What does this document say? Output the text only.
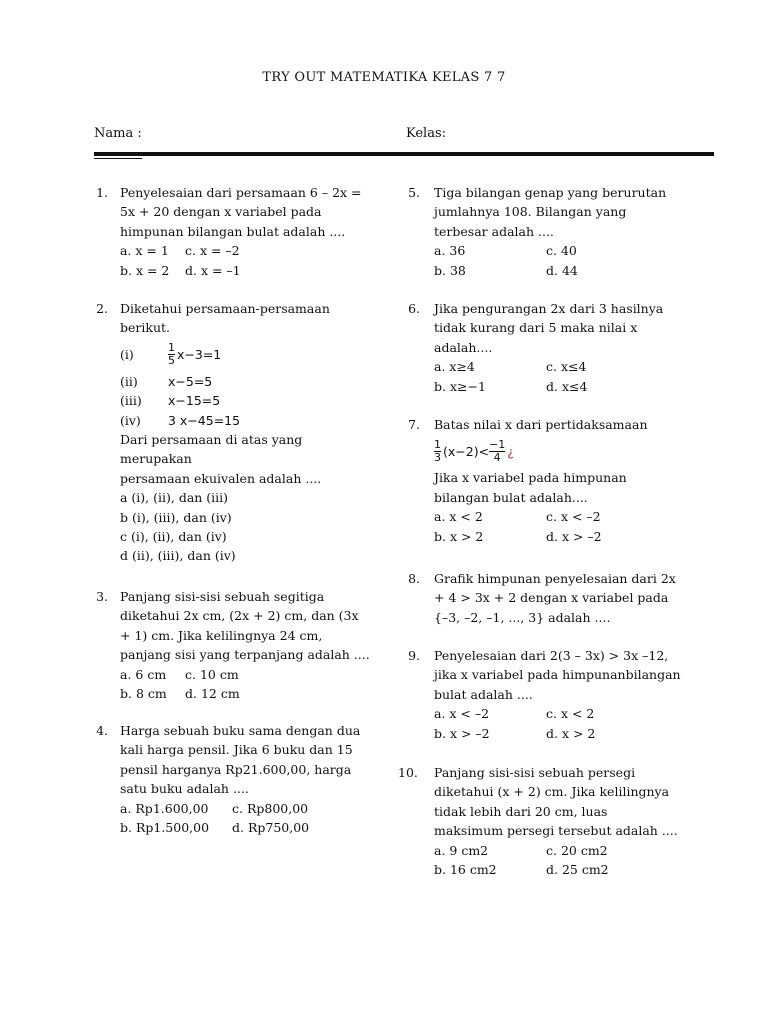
TRY OUT MATEMATIKA KELAS 7 7
Nama :	Kelas:
1. Penyelesaian dari persamaan 6 – 2x =
5x + 20 dengan x variabel pada
himpunan bilangan bulat adalah ....
a. x = 1	c. x = –2
b. x = 2	d. x = –1
2. Diketahui persamaan-persamaan
berikut.
(i)	$\frac{1}{5} x-3=1$
(ii)	x−5=5
(iii)	x−15=5
(iv)	3 x−45=15
Dari persamaan di atas yang
merupakan
persamaan ekuivalen adalah ....
a (i), (ii), dan (iii)
b (i), (iii), dan (iv)
c (i), (ii), dan (iv)
d (ii), (iii), dan (iv)
3. Panjang sisi-sisi sebuah segitiga
diketahui 2x cm, (2x + 2) cm, dan (3x
+ 1) cm. Jika kelilingnya 24 cm,
panjang sisi yang terpanjang adalah ....
a. 6 cm	c. 10 cm
b. 8 cm	d. 12 cm
4. Harga sebuah buku sama dengan dua
kali harga pensil. Jika 6 buku dan 15
pensil harganya Rp21.600,00, harga
satu buku adalah ....
a. Rp1.600,00	c. Rp800,00
b. Rp1.500,00	d. Rp750,00
5. Tiga bilangan genap yang berurutan
jumlahnya 108. Bilangan yang
terbesar adalah ....
a. 36	c. 40
b. 38	d. 44
6. Jika pengurangan 2x dari 3 hasilnya
tidak kurang dari 5 maka nilai x
adalah....
a. x≥4	c. x≤4
b. x≥−1	d. x≤4
7. Batas nilai x dari pertidaksamaan
$\frac{1}{3} (x-2)< \frac{-1}{4}$ ¿
Jika x variabel pada himpunan
bilangan bulat adalah....
a. x < 2	c. x < –2
b. x > 2	d. x > –2
8. Grafik himpunan penyelesaian dari 2x
+ 4 > 3x + 2 dengan x variabel pada
{–3, –2, –1, ..., 3} adalah ....
9. Penyelesaian dari 2(3 – 3x) > 3x –12,
jika x variabel pada himpunanbilangan
bulat adalah ....
a. x < –2	c. x < 2
b. x > –2	d. x > 2
10.	Panjang sisi-sisi sebuah persegi
diketahui (x + 2) cm. Jika kelilingnya
tidak lebih dari 20 cm, luas
maksimum persegi tersebut adalah ....
a. 9 cm2	c. 20 cm2
b. 16 cm2	d. 25 cm2
